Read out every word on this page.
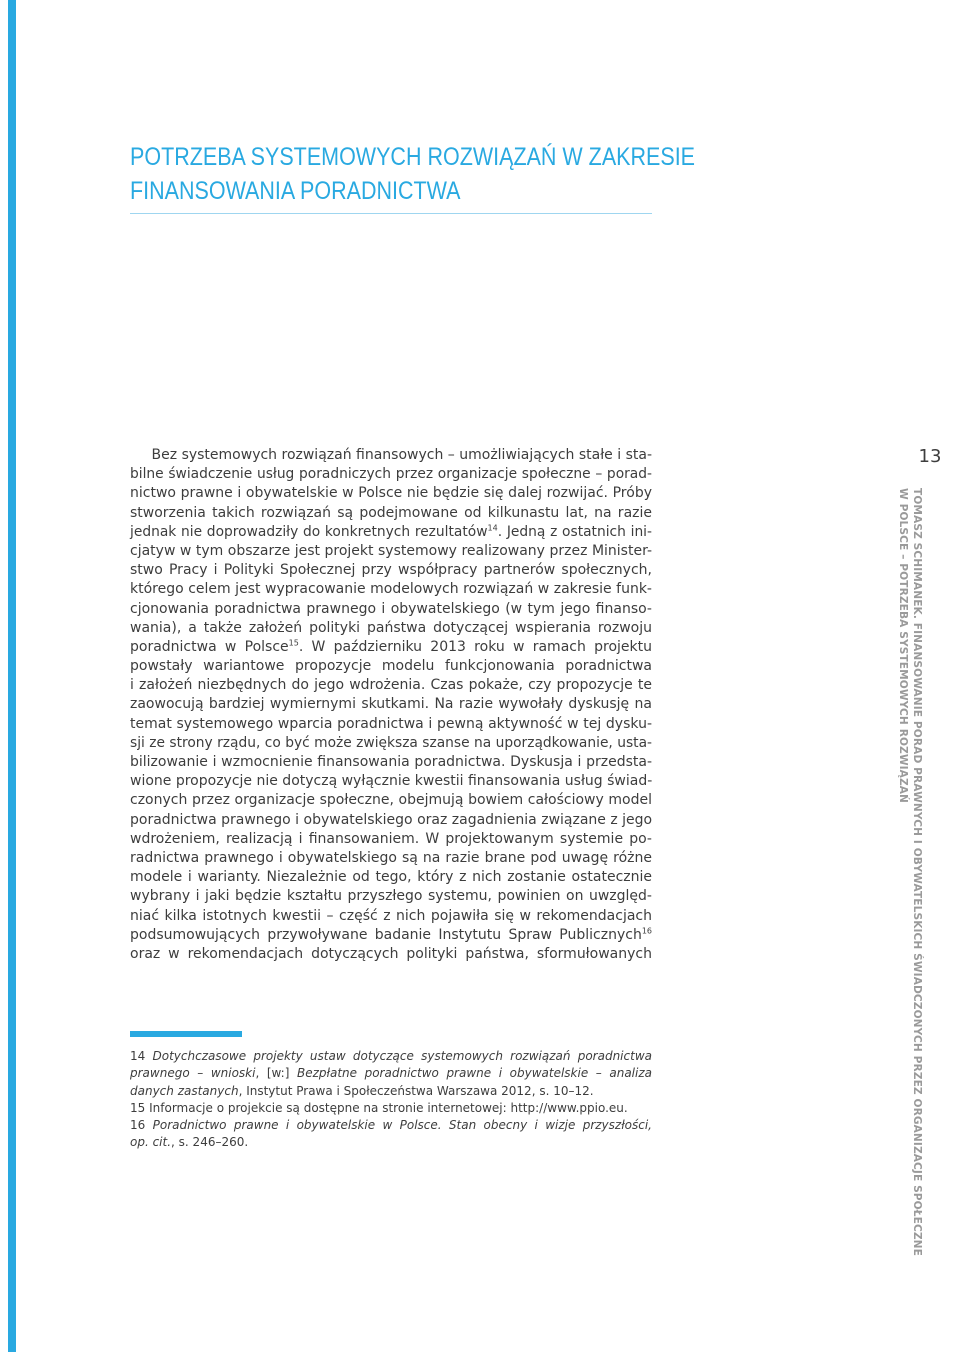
POTRZEBA SYSTEMOWYCH ROZWIĄZAŃ W ZAKRESIE
FINANSOWANIA PORADNICTWA
Bez systemowych rozwiązań finansowych – umożliwiających stałe i sta-
bilne świadczenie usług poradniczych przez organizacje społeczne – porad-
nictwo prawne i obywatelskie w Polsce nie będzie się dalej rozwijać. Próby
stworzenia takich rozwiązań są podejmowane od kilkunastu lat, na razie
jednak nie doprowadziły do konkretnych rezultatów$^{14}$. Jedną z ostatnich ini-
cjatyw w tym obszarze jest projekt systemowy realizowany przez Minister-
stwo Pracy i Polityki Społecznej przy współpracy partnerów społecznych,
którego celem jest wypracowanie modelowych rozwiązań w zakresie funk-
cjonowania poradnictwa prawnego i obywatelskiego (w tym jego finanso-
wania), a także założeń polityki państwa dotyczącej wspierania rozwoju
poradnictwa w Polsce$^{15}$. W październiku 2013 roku w ramach projektu
powstały wariantowe propozycje modelu funkcjonowania poradnictwa
i założeń niezbędnych do jego wdrożenia. Czas pokaże, czy propozycje te
zaowocują bardziej wymiernymi skutkami. Na razie wywołały dyskusję na
temat systemowego wparcia poradnictwa i pewną aktywność w tej dysku-
sji ze strony rządu, co być może zwiększa szanse na uporządkowanie, usta-
bilizowanie i wzmocnienie finansowania poradnictwa. Dyskusja i przedsta-
wione propozycje nie dotyczą wyłącznie kwestii finansowania usług świad-
czonych przez organizacje społeczne, obejmują bowiem całościowy model
poradnictwa prawnego i obywatelskiego oraz zagadnienia związane z jego
wdrożeniem, realizacją i finansowaniem. W projektowanym systemie po-
radnictwa prawnego i obywatelskiego są na razie brane pod uwagę różne
modele i warianty. Niezależnie od tego, który z nich zostanie ostatecznie
wybrany i jaki będzie kształtu przyszłego systemu, powinien on uwzględ-
niać kilka istotnych kwestii – część z nich pojawiła się w rekomendacjach
podsumowujących przywoływane badanie Instytutu Spraw Publicznych$^{16}$
oraz w rekomendacjach dotyczących polityki państwa, sformułowanych
14 Dotychczasowe projekty ustaw dotyczące systemowych rozwiązań poradnictwa
prawnego – wnioski, [w:] Bezpłatne poradnictwo prawne i obywatelskie – analiza
danych zastanych, Instytut Prawa i Społeczeństwa Warszawa 2012, s. 10–12.
15 Informacje o projekcie są dostępne na stronie internetowej: http://www.ppio.eu.
16 Poradnictwo prawne i obywatelskie w Polsce. Stan obecny i wizje przyszłości,
op. cit., s. 246–260.
13
TOMASZ SCHIMANEK. FINANSOWANIE PORAD PRAWNYCH I OBYWATELSKICH ŚWIADCZONYCH PRZEZ ORGANIZACJE SPOŁECZNE
W POLSCE – POTRZEBA SYSTEMOWYCH ROZWIĄZAŃ
